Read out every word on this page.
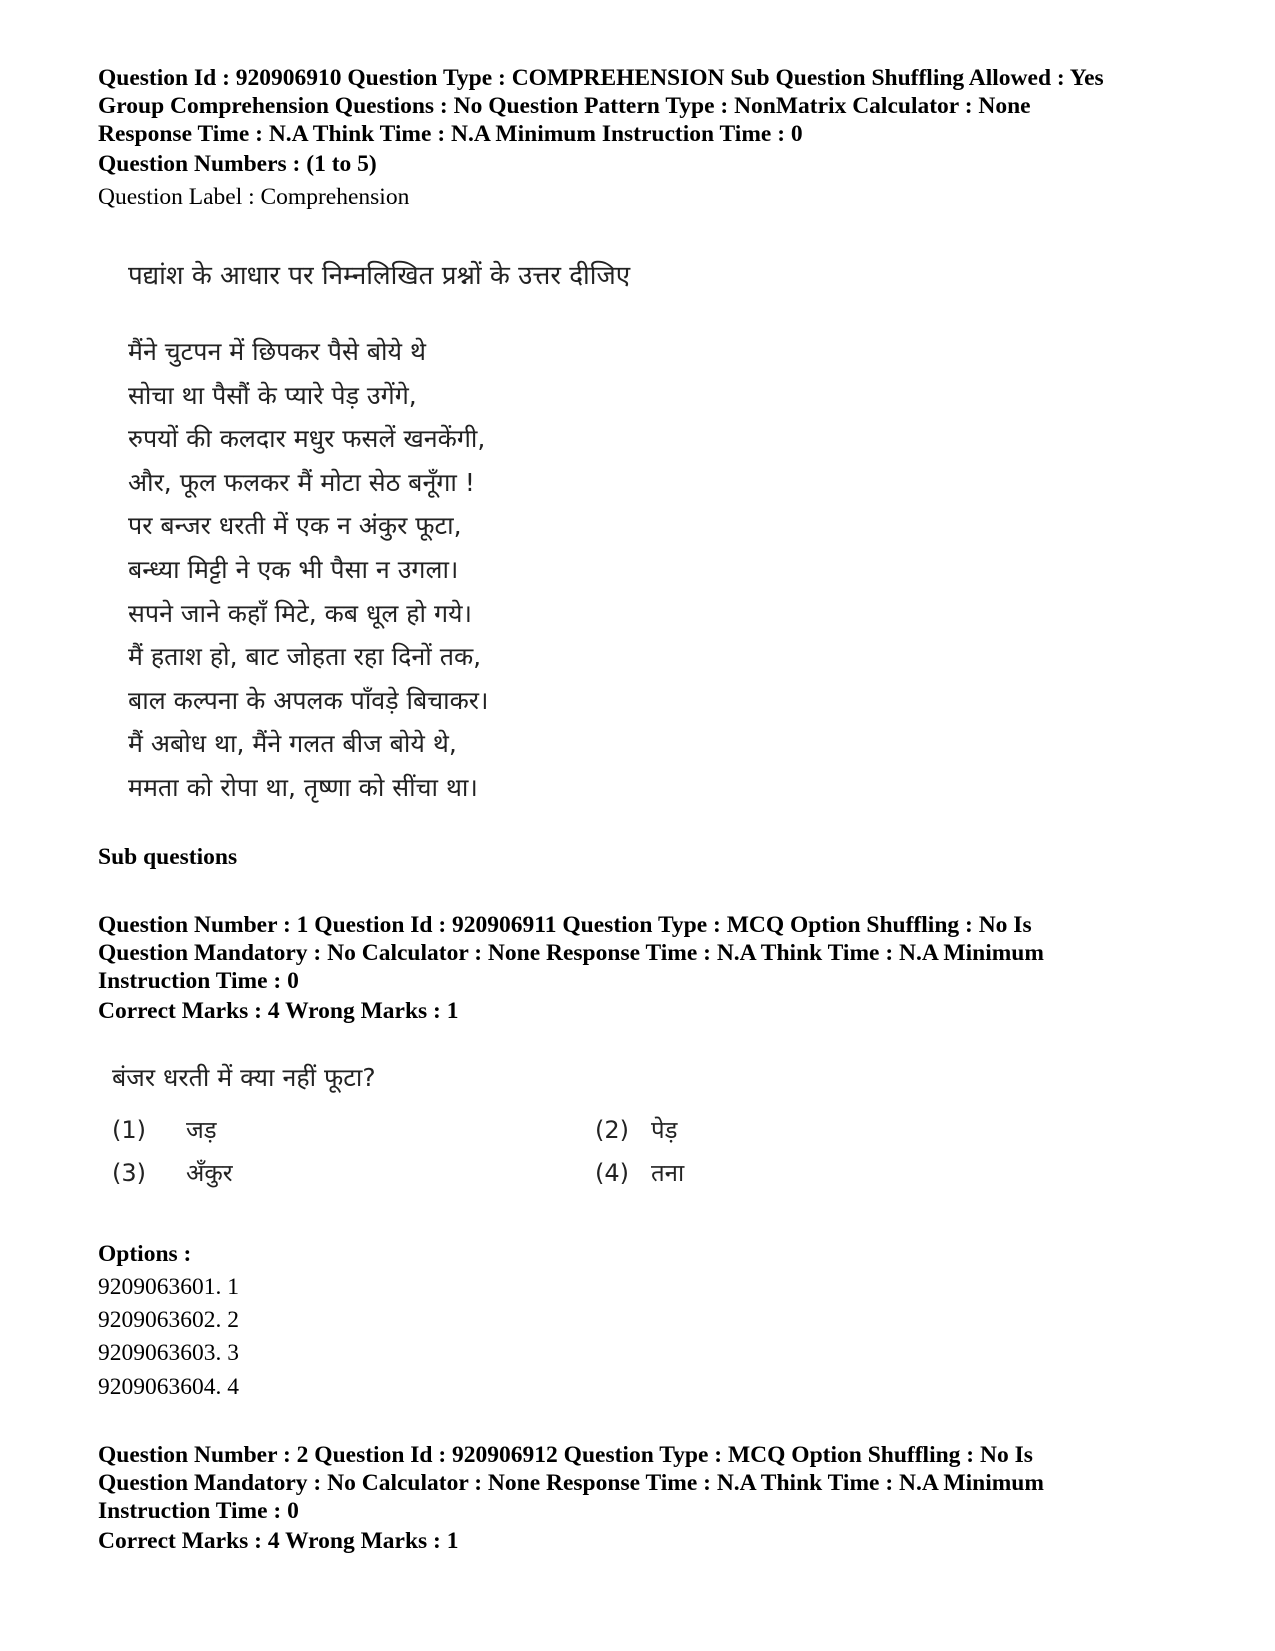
Question Id : 920906910 Question Type : COMPREHENSION Sub Question Shuffling Allowed : Yes
Group Comprehension Questions : No Question Pattern Type : NonMatrix Calculator : None
Response Time : N.A Think Time : N.A Minimum Instruction Time : 0
Question Numbers : (1 to 5)
Question Label : Comprehension
पद्यांश के आधार पर निम्नलिखित प्रश्नों के उत्तर दीजिए
मैंने चुटपन में छिपकर पैसे बोये थे
सोचा था पैसौं के प्यारे पेड़ उगेंगे,
रुपयों की कलदार मधुर फसलें खनकेंगी,
और, फूल फलकर मैं मोटा सेठ बनूँगा !
पर बन्जर धरती में एक न अंकुर फूटा,
बन्ध्या मिट्टी ने एक भी पैसा न उगला।
सपने जाने कहाँ मिटे, कब धूल हो गये।
मैं हताश हो, बाट जोहता रहा दिनों तक,
बाल कल्पना के अपलक पाँवड़े बिचाकर।
मैं अबोध था, मैंने गलत बीज बोये थे,
ममता को रोपा था, तृष्णा को सींचा था।
Sub questions
Question Number : 1 Question Id : 920906911 Question Type : MCQ Option Shuffling : No Is
Question Mandatory : No Calculator : None Response Time : N.A Think Time : N.A Minimum
Instruction Time : 0
Correct Marks : 4 Wrong Marks : 1
बंजर धरती में क्या नहीं फूटा?
(1) जड़	(2) पेड़
(3) अँकुर	(4) तना
Options :
9209063601. 1
9209063602. 2
9209063603. 3
9209063604. 4
Question Number : 2 Question Id : 920906912 Question Type : MCQ Option Shuffling : No Is
Question Mandatory : No Calculator : None Response Time : N.A Think Time : N.A Minimum
Instruction Time : 0
Correct Marks : 4 Wrong Marks : 1
